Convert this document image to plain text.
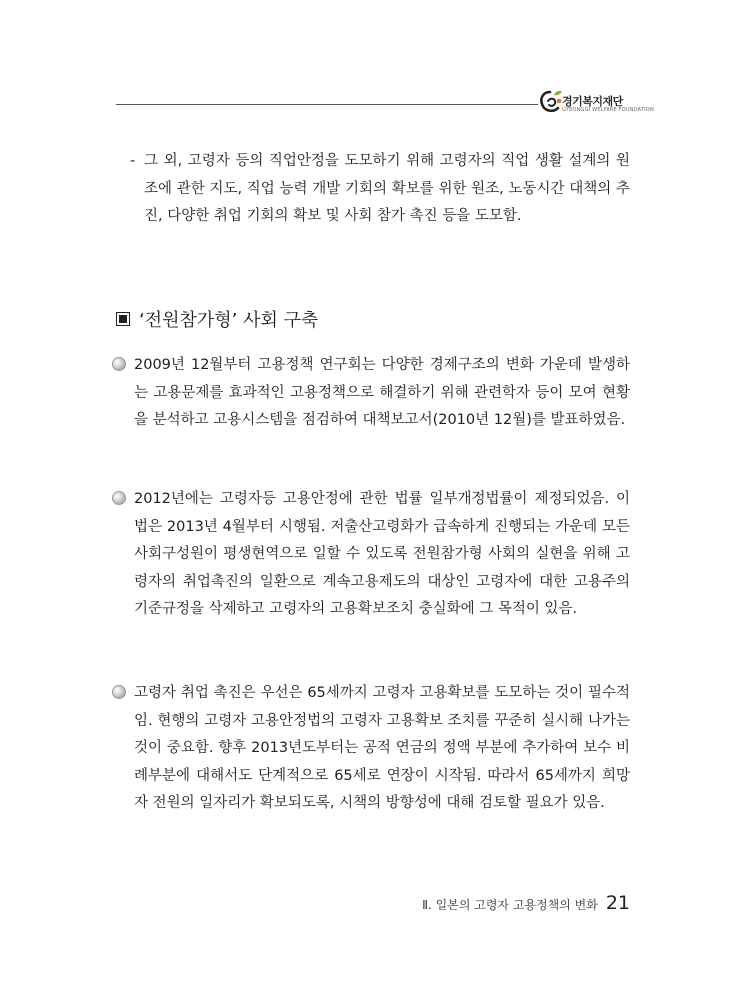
경기복지재단
GYEONGGI WELFARE FOUNDATION
- 그 외, 고령자 등의 직업안정을 도모하기 위해 고령자의 직업 생활 설계의 원조에 관한 지도, 직업 능력 개발 기회의 확보를 위한 원조, 노동시간 대책의 추진, 다양한 취업 기회의 확보 및 사회 참가 촉진 등을 도모함.
‘전원참가형’ 사회 구축
2009년 12월부터 고용정책 연구회는 다양한 경제구조의 변화 가운데 발생하는 고용문제를 효과적인 고용정책으로 해결하기 위해 관련학자 등이 모여 현황을 분석하고 고용시스템을 점검하여 대책보고서(2010년 12월)를 발표하였음.
2012년에는 고령자등 고용안정에 관한 법률 일부개정법률이 제정되었음. 이 법은 2013년 4월부터 시행됨. 저출산고령화가 급속하게 진행되는 가운데 모든 사회구성원이 평생현역으로 일할 수 있도록 전원참가형 사회의 실현을 위해 고령자의 취업촉진의 일환으로 계속고용제도의 대상인 고령자에 대한 고용주의 기준규정을 삭제하고 고령자의 고용확보조치 충실화에 그 목적이 있음.
고령자 취업 촉진은 우선은 65세까지 고령자 고용확보를 도모하는 것이 필수적임. 현행의 고령자 고용안정법의 고령자 고용확보 조치를 꾸준히 실시해 나가는 것이 중요함. 향후 2013년도부터는 공적 연금의 정액 부분에 추가하여 보수 비례부분에 대해서도 단계적으로 65세로 연장이 시작됨. 따라서 65세까지 희망자 전원의 일자리가 확보되도록, 시책의 방향성에 대해 검토할 필요가 있음.
Ⅱ. 일본의 고령자 고용정책의 변화 21
